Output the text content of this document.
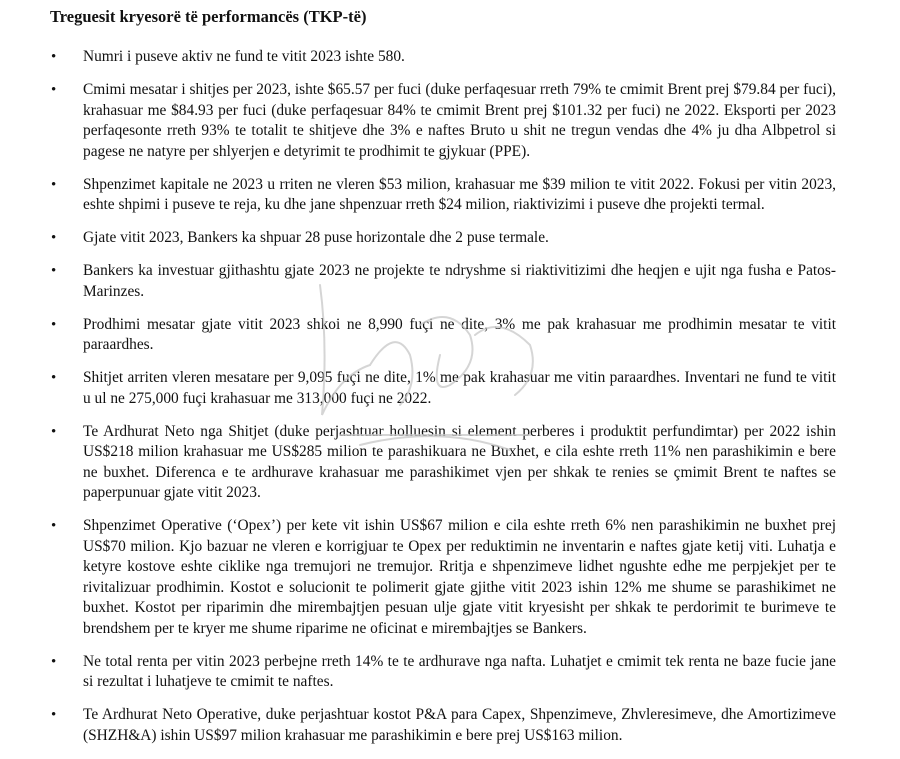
Treguesit kryesorë të performancës (TKP-të)
• Numri i puseve aktiv ne fund te vitit 2023 ishte 580.
• Cmimi mesatar i shitjes per 2023, ishte $65.57 per fuci (duke perfaqesuar rreth 79% te cmimit Brent prej $79.84 per fuci), krahasuar me $84.93 per fuci (duke perfaqesuar 84% te cmimit Brent prej $101.32 per fuci) ne 2022. Eksporti per 2023 perfaqesonte rreth 93% te totalit te shitjeve dhe 3% e naftes Bruto u shit ne tregun vendas dhe 4% ju dha Albpetrol si pagese ne natyre per shlyerjen e detyrimit te prodhimit te gjykuar (PPE).
• Shpenzimet kapitale ne 2023 u rriten ne vleren $53 milion, krahasuar me $39 milion te vitit 2022. Fokusi per vitin 2023, eshte shpimi i puseve te reja, ku dhe jane shpenzuar rreth $24 milion, riaktivizimi i puseve dhe projekti termal.
• Gjate vitit 2023, Bankers ka shpuar 28 puse horizontale dhe 2 puse termale.
• Bankers ka investuar gjithashtu gjate 2023 ne projekte te ndryshme si riaktivitizimi dhe heqjen e ujit nga fusha e Patos-Marinzes.
• Prodhimi mesatar gjate vitit 2023 shkoi ne 8,990 fuçi ne dite, 3% me pak krahasuar me prodhimin mesatar te vitit paraardhes.
• Shitjet arriten vleren mesatare per 9,095 fuçi ne dite, 1% me pak krahasuar me vitin paraardhes. Inventari ne fund te vitit u ul ne 275,000 fuçi krahasuar me 313,000 fuçi ne 2022.
• Te Ardhurat Neto nga Shitjet (duke perjashtuar holluesin si element perberes i produktit perfundimtar) per 2022 ishin US$218 milion krahasuar me US$285 milion te parashikuara ne Buxhet, e cila eshte rreth 11% nen parashikimin e bere ne buxhet. Diferenca e te ardhurave krahasuar me parashikimet vjen per shkak te renies se çmimit Brent te naftes se paperpunuar gjate vitit 2023.
• Shpenzimet Operative (‘Opex’) per kete vit ishin US$67 milion e cila eshte rreth 6% nen parashikimin ne buxhet prej US$70 milion. Kjo bazuar ne vleren e korrigjuar te Opex per reduktimin ne inventarin e naftes gjate ketij viti. Luhatja e ketyre kostove eshte ciklike nga tremujori ne tremujor. Rritja e shpenzimeve lidhet ngushte edhe me perpjekjet per te rivitalizuar prodhimin. Kostot e solucionit te polimerit gjate gjithe vitit 2023 ishin 12% me shume se parashikimet ne buxhet. Kostot per riparimin dhe mirembajtjen pesuan ulje gjate vitit kryesisht per shkak te perdorimit te burimeve te brendshem per te kryer me shume riparime ne oficinat e mirembajtjes se Bankers.
• Ne total renta per vitin 2023 perbejne rreth 14% te te ardhurave nga nafta. Luhatjet e cmimit tek renta ne baze fucie jane si rezultat i luhatjeve te cmimit te naftes.
• Te Ardhurat Neto Operative, duke perjashtuar kostot P&A para Capex, Shpenzimeve, Zhvleresimeve, dhe Amortizimeve (SHZH&A) ishin US$97 milion krahasuar me parashikimin e bere prej US$163 milion.
